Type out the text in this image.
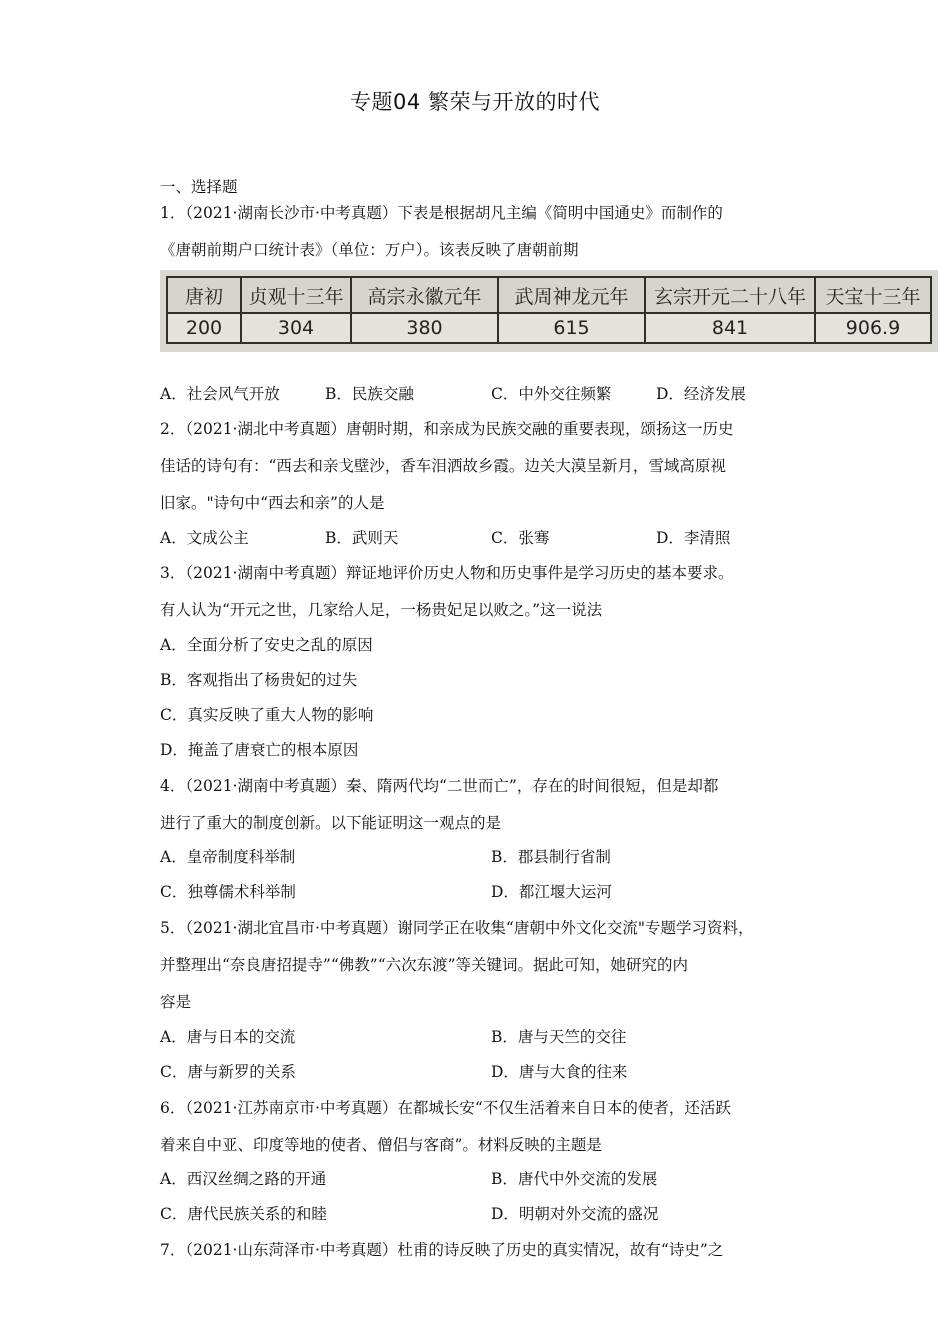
专题04 繁荣与开放的时代
一、选择题
1．（2021·湖南长沙市·中考真题）下表是根据胡凡主编《简明中国通史》而制作的
《唐朝前期户口统计表》（单位：万户）。该表反映了唐朝前期
唐初	贞观十三年	高宗永徽元年	武周神龙元年	玄宗开元二十八年	天宝十三年
200	304	380	615	841	906.9
A．社会风气开放	B．民族交融	C．中外交往频繁	D．经济发展
2．（2021·湖北中考真题）唐朝时期，和亲成为民族交融的重要表现，颂扬这一历史
佳话的诗句有：“西去和亲戈壁沙，香车泪洒故乡霞。边关大漠呈新月，雪域高原视
旧家。"诗句中“西去和亲”的人是
A．文成公主	B．武则天	C．张骞	D．李清照
3．（2021·湖南中考真题）辩证地评价历史人物和历史事件是学习历史的基本要求。
有人认为“开元之世，几家给人足，一杨贵妃足以败之。”这一说法
A．全面分析了安史之乱的原因
B．客观指出了杨贵妃的过失
C．真实反映了重大人物的影响
D．掩盖了唐衰亡的根本原因
4．（2021·湖南中考真题）秦、隋两代均“二世而亡”，存在的时间很短，但是却都
进行了重大的制度创新。以下能证明这一观点的是
A．皇帝制度科举制	B．郡县制行省制
C．独尊儒术科举制	D．都江堰大运河
5．（2021·湖北宜昌市·中考真题）谢同学正在收集“唐朝中外文化交流"专题学习资料，
并整理出“奈良唐招提寺”“佛教”“六次东渡”等关键词。据此可知，她研究的内
容是
A．唐与日本的交流	B．唐与天竺的交往
C．唐与新罗的关系	D．唐与大食的往来
6．（2021·江苏南京市·中考真题）在都城长安“不仅生活着来自日本的使者，还活跃
着来自中亚、印度等地的使者、僧侣与客商”。材料反映的主题是
A．西汉丝绸之路的开通	B．唐代中外交流的发展
C．唐代民族关系的和睦	D．明朝对外交流的盛况
7．（2021·山东菏泽市·中考真题）杜甫的诗反映了历史的真实情况，故有“诗史”之
